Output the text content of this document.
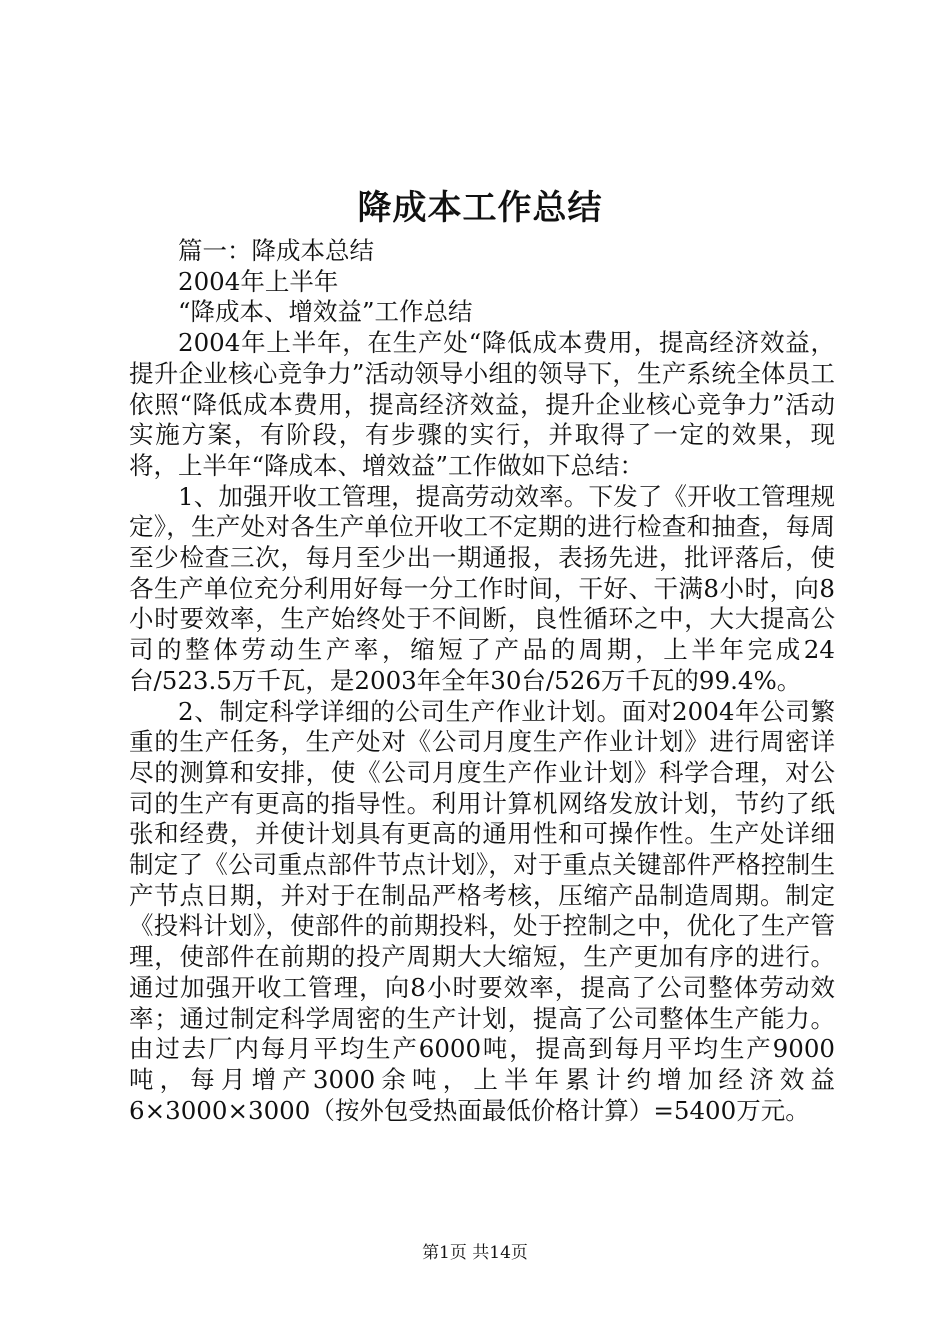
降成本工作总结

篇一：降成本总结

2004年上半年

“降成本、增效益”工作总结

2004年上半年，在生产处“降低成本费用，提高经济效益，提升企业核心竞争力”活动领导小组的领导下，生产系统全体员工依照“降低成本费用，提高经济效益，提升企业核心竞争力”活动实施方案，有阶段，有步骤的实行，并取得了一定的效果，现将，上半年“降成本、增效益”工作做如下总结：

1、加强开收工管理，提高劳动效率。下发了《开收工管理规定》，生产处对各生产单位开收工不定期的进行检查和抽查，每周至少检查三次，每月至少出一期通报，表扬先进，批评落后，使各生产单位充分利用好每一分工作时间，干好、干满8小时，向8小时要效率，生产始终处于不间断，良性循环之中，大大提高公司的整体劳动生产率，缩短了产品的周期，上半年完成24台/523.5万千瓦，是2003年全年30台/526万千瓦的99.4%。

2、制定科学详细的公司生产作业计划。面对2004年公司繁重的生产任务，生产处对《公司月度生产作业计划》进行周密详尽的测算和安排，使《公司月度生产作业计划》科学合理，对公司的生产有更高的指导性。利用计算机网络发放计划，节约了纸张和经费，并使计划具有更高的通用性和可操作性。生产处详细制定了《公司重点部件节点计划》，对于重点关键部件严格控制生产节点日期，并对于在制品严格考核，压缩产品制造周期。制定《投料计划》，使部件的前期投料，处于控制之中，优化了生产管理，使部件在前期的投产周期大大缩短，生产更加有序的进行。通过加强开收工管理，向8小时要效率，提高了公司整体劳动效率；通过制定科学周密的生产计划，提高了公司整体生产能力。由过去厂内每月平均生产6000吨，提高到每月平均生产9000吨，每月增产3000余吨，上半年累计约增加经济效益6×3000×3000（按外包受热面最低价格计算）=5400万元。

第1页 共14页
